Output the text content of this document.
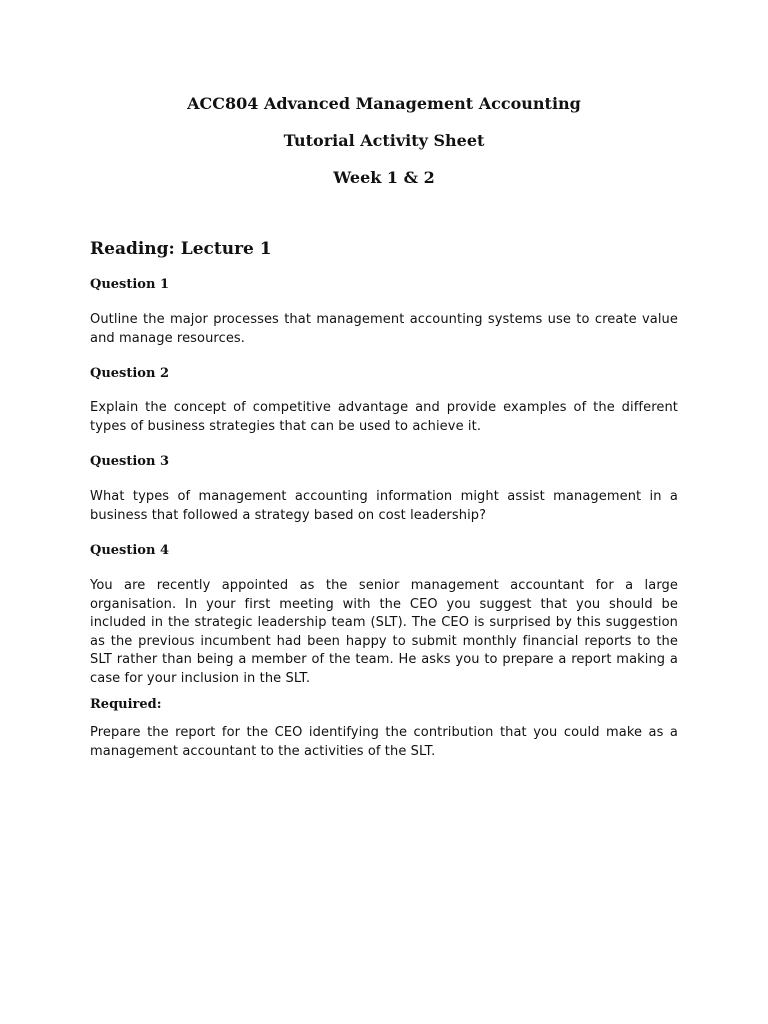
ACC804 Advanced Management Accounting
Tutorial Activity Sheet
Week 1 & 2
Reading: Lecture 1
Question 1

Outline the major processes that management accounting systems use to create value and manage resources.

Question 2

Explain the concept of competitive advantage and provide examples of the different types of business strategies that can be used to achieve it.

Question 3

What types of management accounting information might assist management in a business that followed a strategy based on cost leadership?

Question 4

You are recently appointed as the senior management accountant for a large organisation. In your first meeting with the CEO you suggest that you should be included in the strategic leadership team (SLT). The CEO is surprised by this suggestion as the previous incumbent had been happy to submit monthly financial reports to the SLT rather than being a member of the team. He asks you to prepare a report making a case for your inclusion in the SLT.

Required:

Prepare the report for the CEO identifying the contribution that you could make as a management accountant to the activities of the SLT.
